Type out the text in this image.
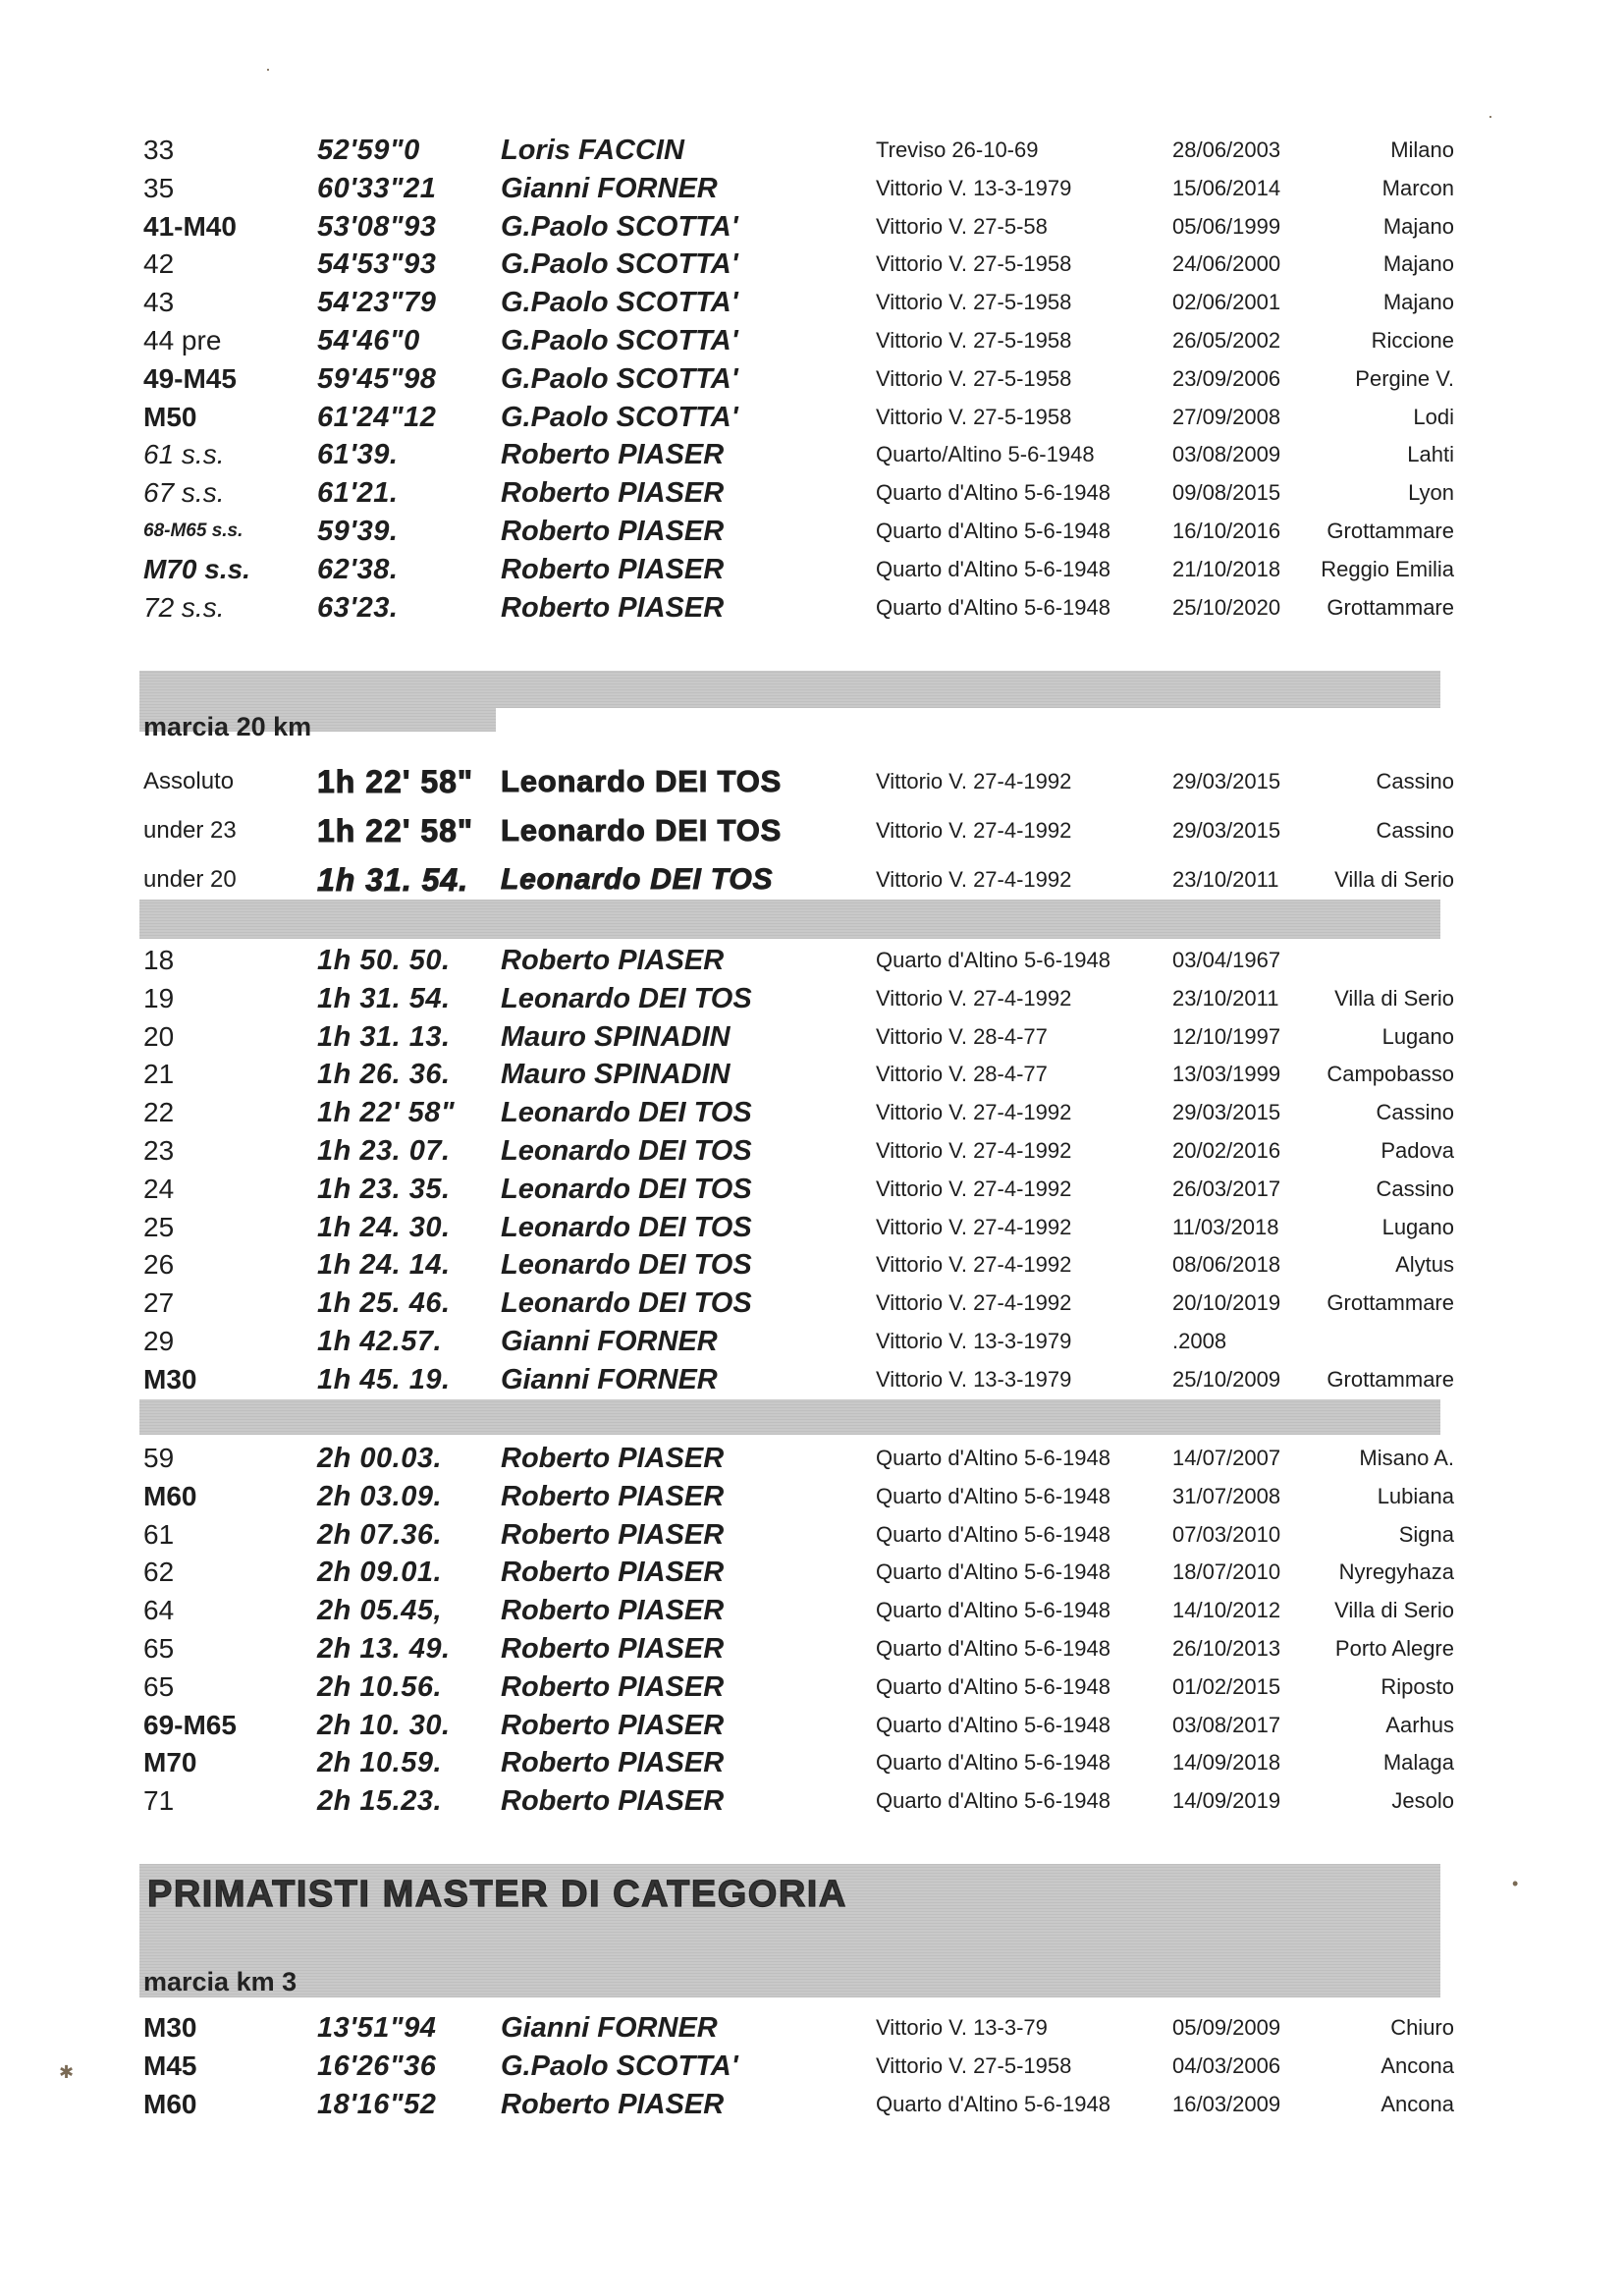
33	52'59"0	Loris FACCIN	Treviso 26-10-69	28/06/2003	Milano
35	60'33"21 Gianni FORNER	Vittorio V. 13-3-1979	15/06/2014	Marcon
41-M40	53'08"93 G.Paolo SCOTTA'	Vittorio V. 27-5-58	05/06/1999	Majano
42	54'53"93 G.Paolo SCOTTA'	Vittorio V. 27-5-1958	24/06/2000	Majano
43	54'23"79 G.Paolo SCOTTA'	Vittorio V. 27-5-1958	02/06/2001	Majano
44 pre	54'46"0	G.Paolo SCOTTA'	Vittorio V. 27-5-1958	26/05/2002	Riccione
49-M45	59'45"98 G.Paolo SCOTTA'	Vittorio V. 27-5-1958	23/09/2006	Pergine V.
M50	61'24"12 G.Paolo SCOTTA'	Vittorio V. 27-5-1958	27/09/2008	Lodi
61 s.s.	61'39.	Roberto PIASER	Quarto/Altino 5-6-1948	03/08/2009	Lahti
67 s.s.	61'21.	Roberto PIASER	Quarto d'Altino 5-6-1948	09/08/2015	Lyon
68-M65 s.s.	59'39.	Roberto PIASER	Quarto d'Altino 5-6-1948	16/10/2016 Grottammare
M70 s.s. 62'38.	Roberto PIASER	Quarto d'Altino 5-6-1948	21/10/2018 Reggio Emilia
72 s.s.	63'23.	Roberto PIASER	Quarto d'Altino 5-6-1948	25/10/2020 Grottammare
marcia 20 km
Assoluto	1h 22' 58" Leonardo DEI TOS	Vittorio V. 27-4-1992	29/03/2015	Cassino
under 23	1h 22' 58" Leonardo DEI TOS	Vittorio V. 27-4-1992	29/03/2015	Cassino
under 20	1h 31. 54. Leonardo DEI TOS	Vittorio V. 27-4-1992	23/10/2011	Villa di Serio
18	1h 50. 50. Roberto PIASER	Quarto d'Altino 5-6-1948	03/04/1967
19	1h 31. 54. Leonardo DEI TOS	Vittorio V. 27-4-1992	23/10/2011	Villa di Serio
20	1h 31. 13. Mauro SPINADIN	Vittorio V. 28-4-77	12/10/1997	Lugano
21	1h 26. 36. Mauro SPINADIN	Vittorio V. 28-4-77	13/03/1999 Campobasso
22	1h 22' 58" Leonardo DEI TOS	Vittorio V. 27-4-1992	29/03/2015	Cassino
23	1h 23. 07. Leonardo DEI TOS	Vittorio V. 27-4-1992	20/02/2016	Padova
24	1h 23. 35. Leonardo DEI TOS	Vittorio V. 27-4-1992	26/03/2017	Cassino
25	1h 24. 30. Leonardo DEI TOS	Vittorio V. 27-4-1992	11/03/2018	Lugano
26	1h 24. 14. Leonardo DEI TOS	Vittorio V. 27-4-1992	08/06/2018	Alytus
27	1h 25. 46. Leonardo DEI TOS	Vittorio V. 27-4-1992	20/10/2019 Grottammare
29	1h 42.57. Gianni FORNER	Vittorio V. 13-3-1979	.2008
M30	1h 45. 19. Gianni FORNER	Vittorio V. 13-3-1979	25/10/2009 Grottammare
59	2h 00.03. Roberto PIASER	Quarto d'Altino 5-6-1948	14/07/2007	Misano A.
M60	2h 03.09. Roberto PIASER	Quarto d'Altino 5-6-1948	31/07/2008	Lubiana
61	2h 07.36. Roberto PIASER	Quarto d'Altino 5-6-1948	07/03/2010	Signa
62	2h 09.01. Roberto PIASER	Quarto d'Altino 5-6-1948	18/07/2010	Nyregyhaza
64	2h 05.45, Roberto PIASER	Quarto d'Altino 5-6-1948	14/10/2012	Villa di Serio
65	2h 13. 49. Roberto PIASER	Quarto d'Altino 5-6-1948	26/10/2013	Porto Alegre
65	2h 10.56. Roberto PIASER	Quarto d'Altino 5-6-1948	01/02/2015	Riposto
69-M65	2h 10. 30. Roberto PIASER	Quarto d'Altino 5-6-1948	03/08/2017	Aarhus
M70	2h 10.59. Roberto PIASER	Quarto d'Altino 5-6-1948	14/09/2018	Malaga
71	2h 15.23. Roberto PIASER	Quarto d'Altino 5-6-1948	14/09/2019	Jesolo
PRIMATISTI MASTER DI CATEGORIA
marcia km 3
M30	13'51"94 Gianni FORNER	Vittorio V. 13-3-79	05/09/2009	Chiuro
M45	16'26"36 G.Paolo SCOTTA'	Vittorio V. 27-5-1958	04/03/2006	Ancona
M60	18'16"52 Roberto PIASER	Quarto d'Altino 5-6-1948	16/03/2009	Ancona
·
·
•
✱
